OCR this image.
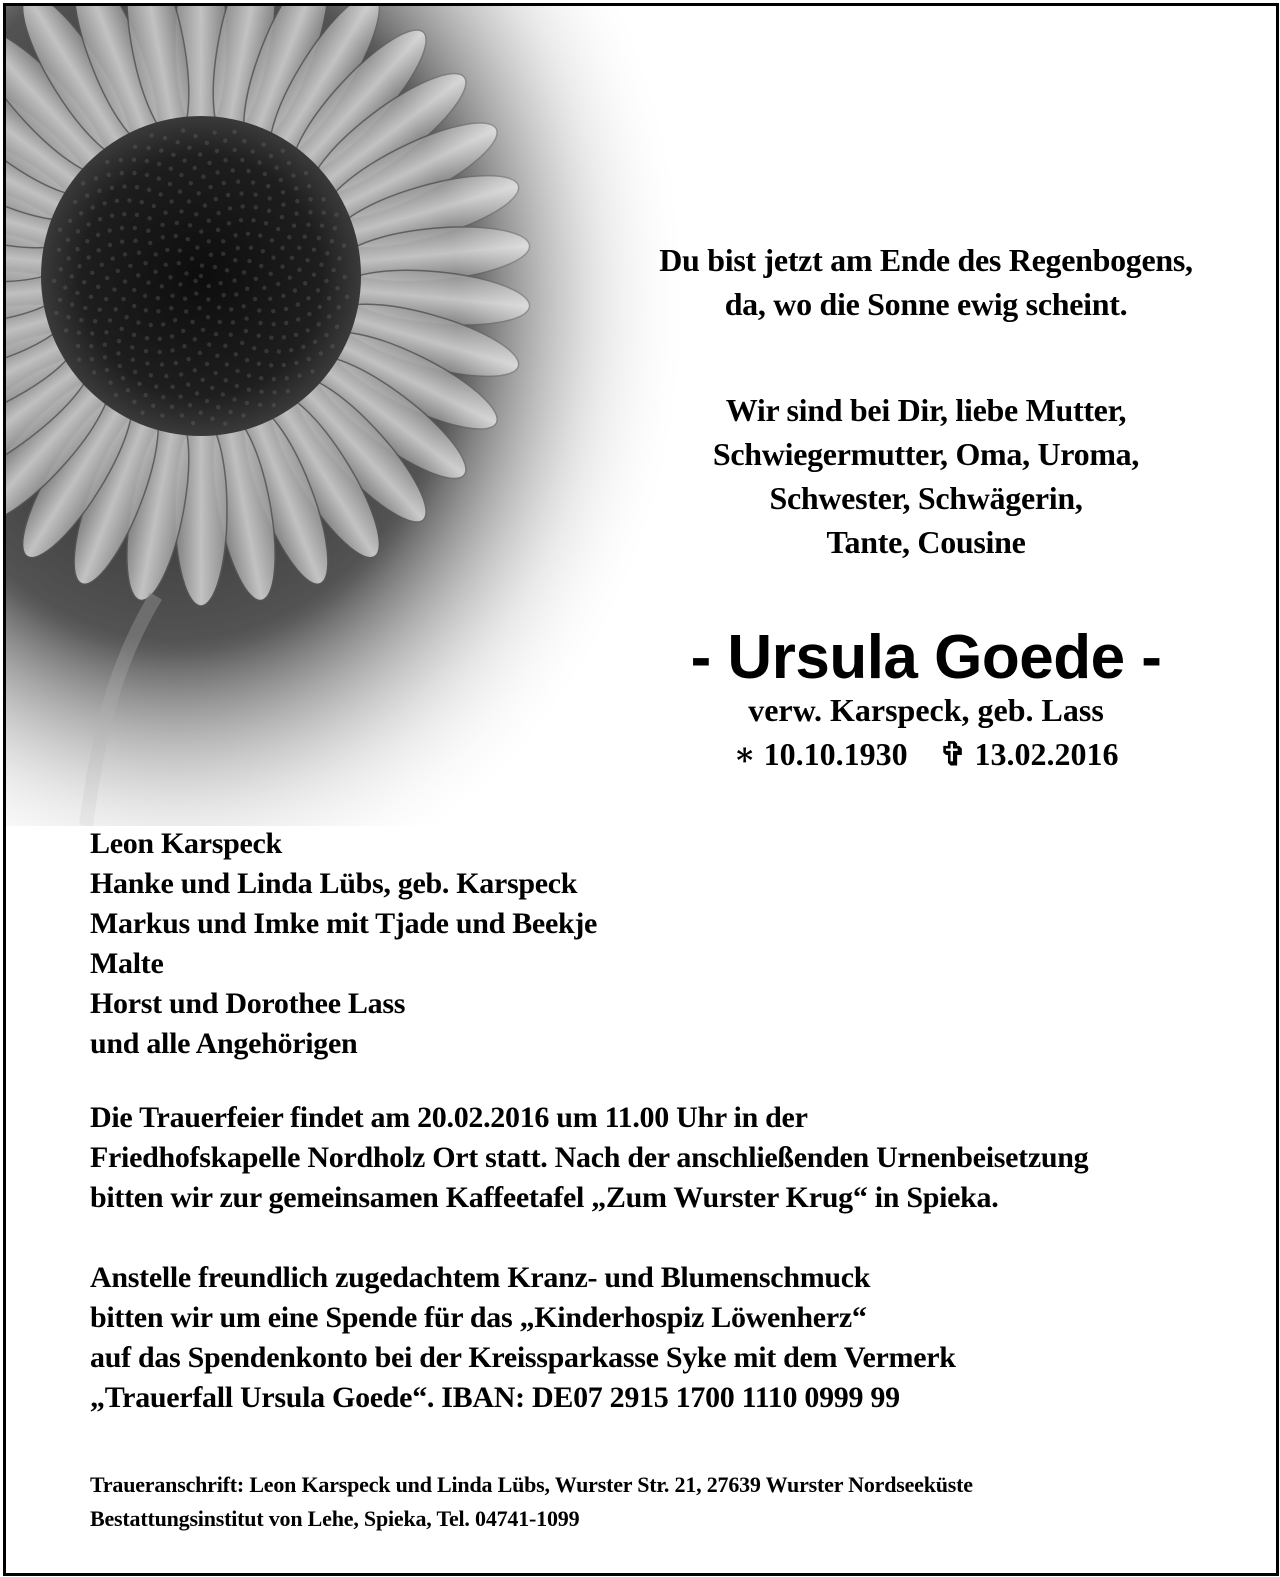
Du bist jetzt am Ende des Regenbogens,
da, wo die Sonne ewig scheint.
Wir sind bei Dir, liebe Mutter,
Schwiegermutter, Oma, Uroma,
Schwester, Schwägerin,
Tante, Cousine
- Ursula Goede -
verw. Karspeck, geb. Lass
∗ 10.10.1930 ✞ 13.02.2016
Leon Karspeck
Hanke und Linda Lübs, geb. Karspeck
Markus und Imke mit Tjade und Beekje
Malte
Horst und Dorothee Lass
und alle Angehörigen
Die Trauerfeier findet am 20.02.2016 um 11.00 Uhr in der
Friedhofskapelle Nordholz Ort statt. Nach der anschließenden Urnenbeisetzung
bitten wir zur gemeinsamen Kaffeetafel „Zum Wurster Krug“ in Spieka.
Anstelle freundlich zugedachtem Kranz- und Blumenschmuck
bitten wir um eine Spende für das „Kinderhospiz Löwenherz“
auf das Spendenkonto bei der Kreissparkasse Syke mit dem Vermerk
„Trauerfall Ursula Goede“. IBAN: DE07 2915 1700 1110 0999 99
Traueranschrift: Leon Karspeck und Linda Lübs, Wurster Str. 21, 27639 Wurster Nordseeküste
Bestattungsinstitut von Lehe, Spieka, Tel. 04741-1099
